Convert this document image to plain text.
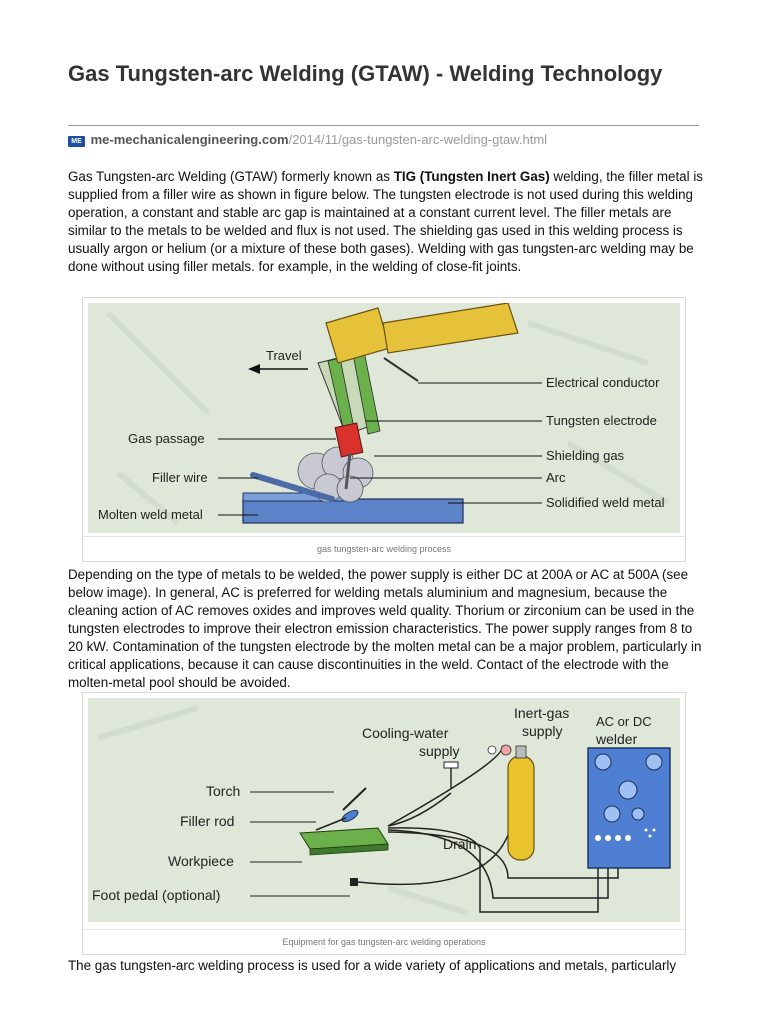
Gas Tungsten-arc Welding (GTAW) - Welding Technology
ME me-mechanicalengineering.com/2014/11/gas-tungsten-arc-welding-gtaw.html

Gas Tungsten-arc Welding (GTAW) formerly known as TIG (Tungsten Inert Gas) welding, the filler metal is supplied from a filler wire as shown in figure below. The tungsten electrode is not used during this welding operation, a constant and stable arc gap is maintained at a constant current level. The filler metals are similar to the metals to be welded and flux is not used. The shielding gas used in this welding process is usually argon or helium (or a mixture of these both gases). Welding with gas tungsten-arc welding may be done without using filler metals. for example, in the welding of close-fit joints.

Travel
Gas passage
Filler wire
Molten weld metal
Electrical conductor
Tungsten electrode
Shielding gas
Arc
Solidified weld metal
gas tungsten-arc welding process

Depending on the type of metals to be welded, the power supply is either DC at 200A or AC at 500A (see below image). In general, AC is preferred for welding metals aluminium and magnesium, because the cleaning action of AC removes oxides and improves weld quality. Thorium or zirconium can be used in the tungsten electrodes to improve their electron emission characteristics. The power supply ranges from 8 to 20 kW. Contamination of the tungsten electrode by the molten metal can be a major problem, particularly in critical applications, because it can cause discontinuities in the weld. Contact of the electrode with the molten-metal pool should be avoided.

Cooling-water
supply
Inert-gas
supply
AC or DC
welder
Torch
Filler rod
Workpiece
Foot pedal (optional)
Drain
Equipment for gas tungsten-arc welding operations

The gas tungsten-arc welding process is used for a wide variety of applications and metals, particularly
